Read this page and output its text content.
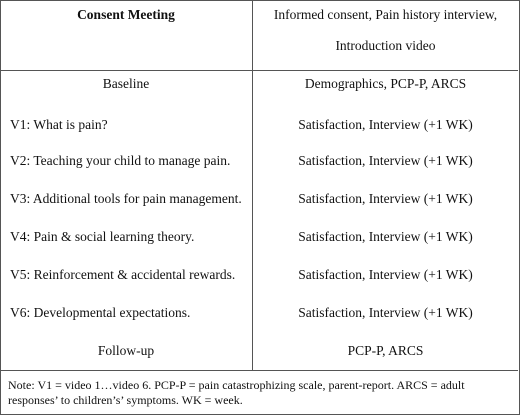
Consent Meeting	Informed consent, Pain history interview,
Introduction video
Baseline	Demographics, PCP-P, ARCS
V1: What is pain?	Satisfaction, Interview (+1 WK)
V2: Teaching your child to manage pain.	Satisfaction, Interview (+1 WK)
V3: Additional tools for pain management.	Satisfaction, Interview (+1 WK)
V4: Pain & social learning theory.	Satisfaction, Interview (+1 WK)
V5: Reinforcement & accidental rewards.	Satisfaction, Interview (+1 WK)
V6: Developmental expectations.	Satisfaction, Interview (+1 WK)
Follow-up	PCP-P, ARCS
Note: V1 = video 1…video 6. PCP-P = pain catastrophizing scale, parent-report. ARCS = adult
responses’ to children’s’ symptoms. WK = week.
